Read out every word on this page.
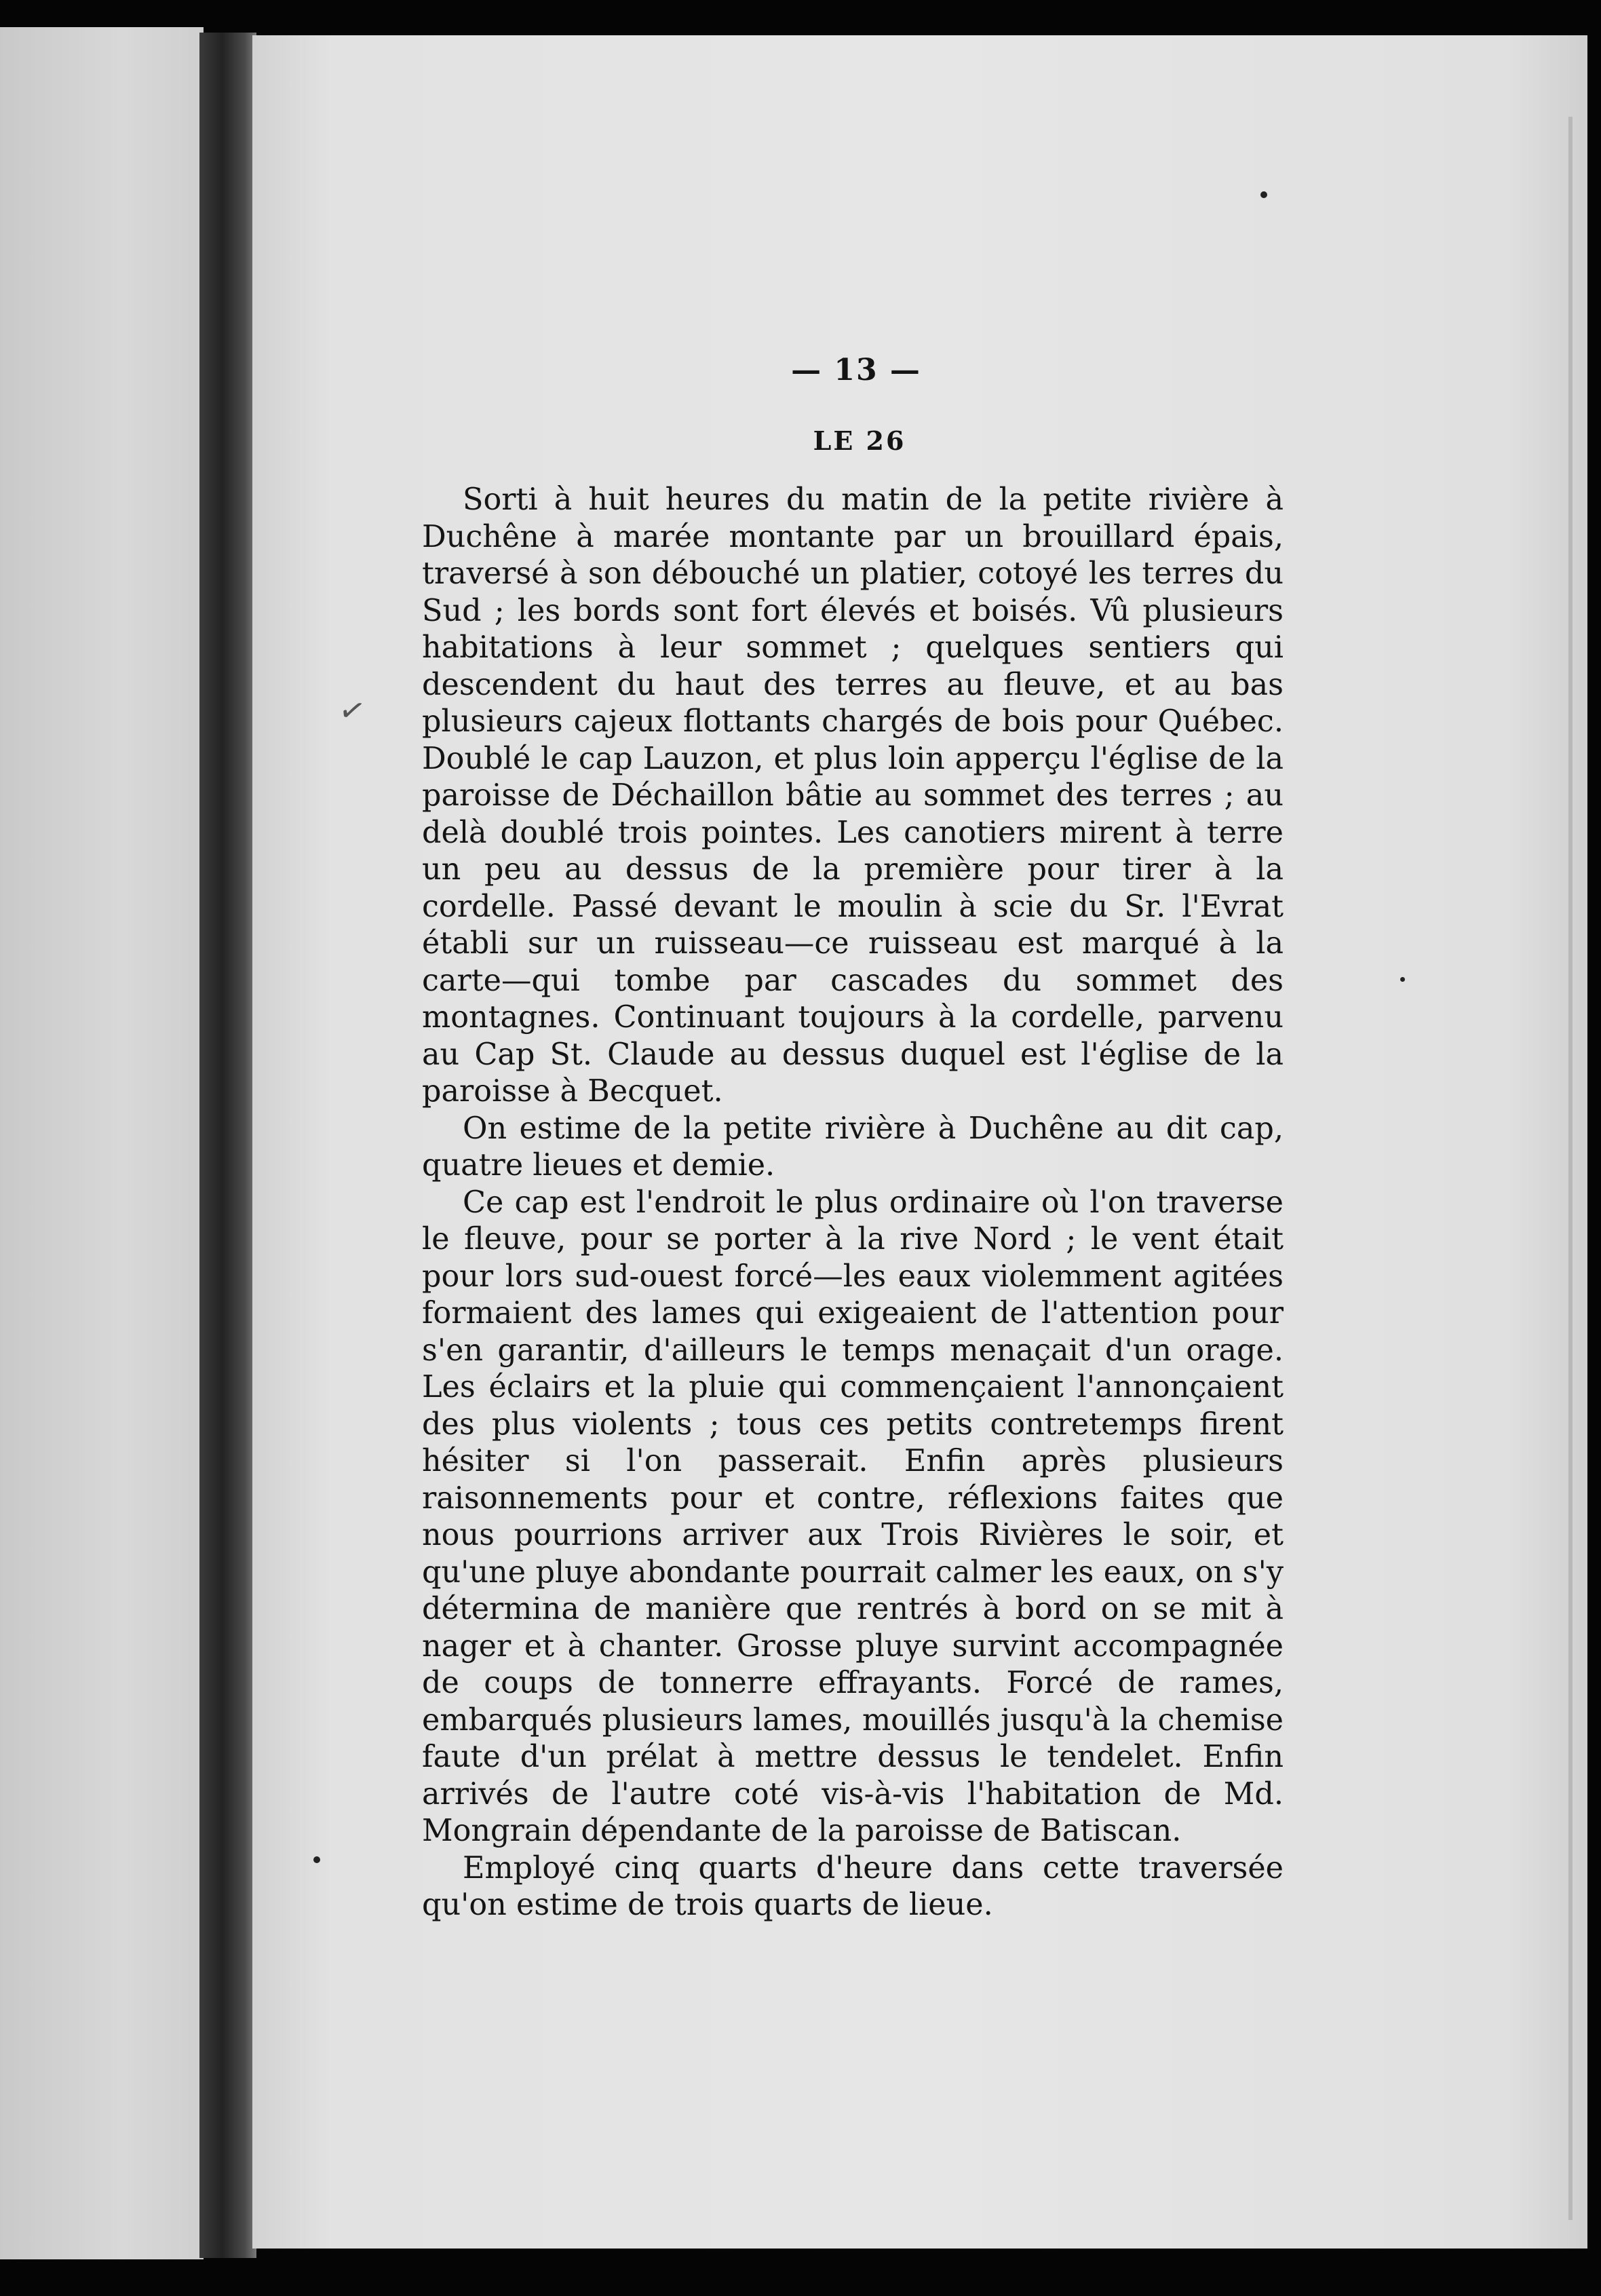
✓
— 13 —
LE 26

Sorti à huit heures du matin de la petite rivière à Duchêne à marée montante par un brouillard épais, traversé à son débouché un platier, cotoyé les terres du Sud ; les bords sont fort élevés et boisés. Vû plusieurs habitations à leur sommet ; quelques sentiers qui descendent du haut des terres au fleuve, et au bas plusieurs cajeux flottants chargés de bois pour Québec. Doublé le cap Lauzon, et plus loin apperçu l'église de la paroisse de Déchaillon bâtie au sommet des terres ; au delà doublé trois pointes. Les canotiers mirent à terre un peu au dessus de la première pour tirer à la cordelle. Passé devant le moulin à scie du Sr. l'Evrat établi sur un ruisseau—ce ruisseau est marqué à la carte—qui tombe par cascades du sommet des montagnes. Continuant toujours à la cordelle, parvenu au Cap St. Claude au dessus duquel est l'église de la paroisse à Becquet.

On estime de la petite rivière à Duchêne au dit cap, quatre lieues et demie.

Ce cap est l'endroit le plus ordinaire où l'on traverse le fleuve, pour se porter à la rive Nord ; le vent était pour lors sud-ouest forcé—les eaux violemment agitées formaient des lames qui exigeaient de l'attention pour s'en garantir, d'ailleurs le temps menaçait d'un orage. Les éclairs et la pluie qui commençaient l'annonçaient des plus violents ; tous ces petits contretemps firent hésiter si l'on passerait. Enfin après plusieurs raisonnements pour et contre, réflexions faites que nous pourrions arriver aux Trois Rivières le soir, et qu'une pluye abondante pourrait calmer les eaux, on s'y détermina de manière que rentrés à bord on se mit à nager et à chanter. Grosse pluye survint accompagnée de coups de tonnerre effrayants. Forcé de rames, embarqués plusieurs lames, mouillés jusqu'à la chemise faute d'un prélat à mettre dessus le tendelet. Enfin arrivés de l'autre coté vis-à-vis l'habitation de Md. Mongrain dépendante de la paroisse de Batiscan.

Employé cinq quarts d'heure dans cette traversée qu'on estime de trois quarts de lieue.
